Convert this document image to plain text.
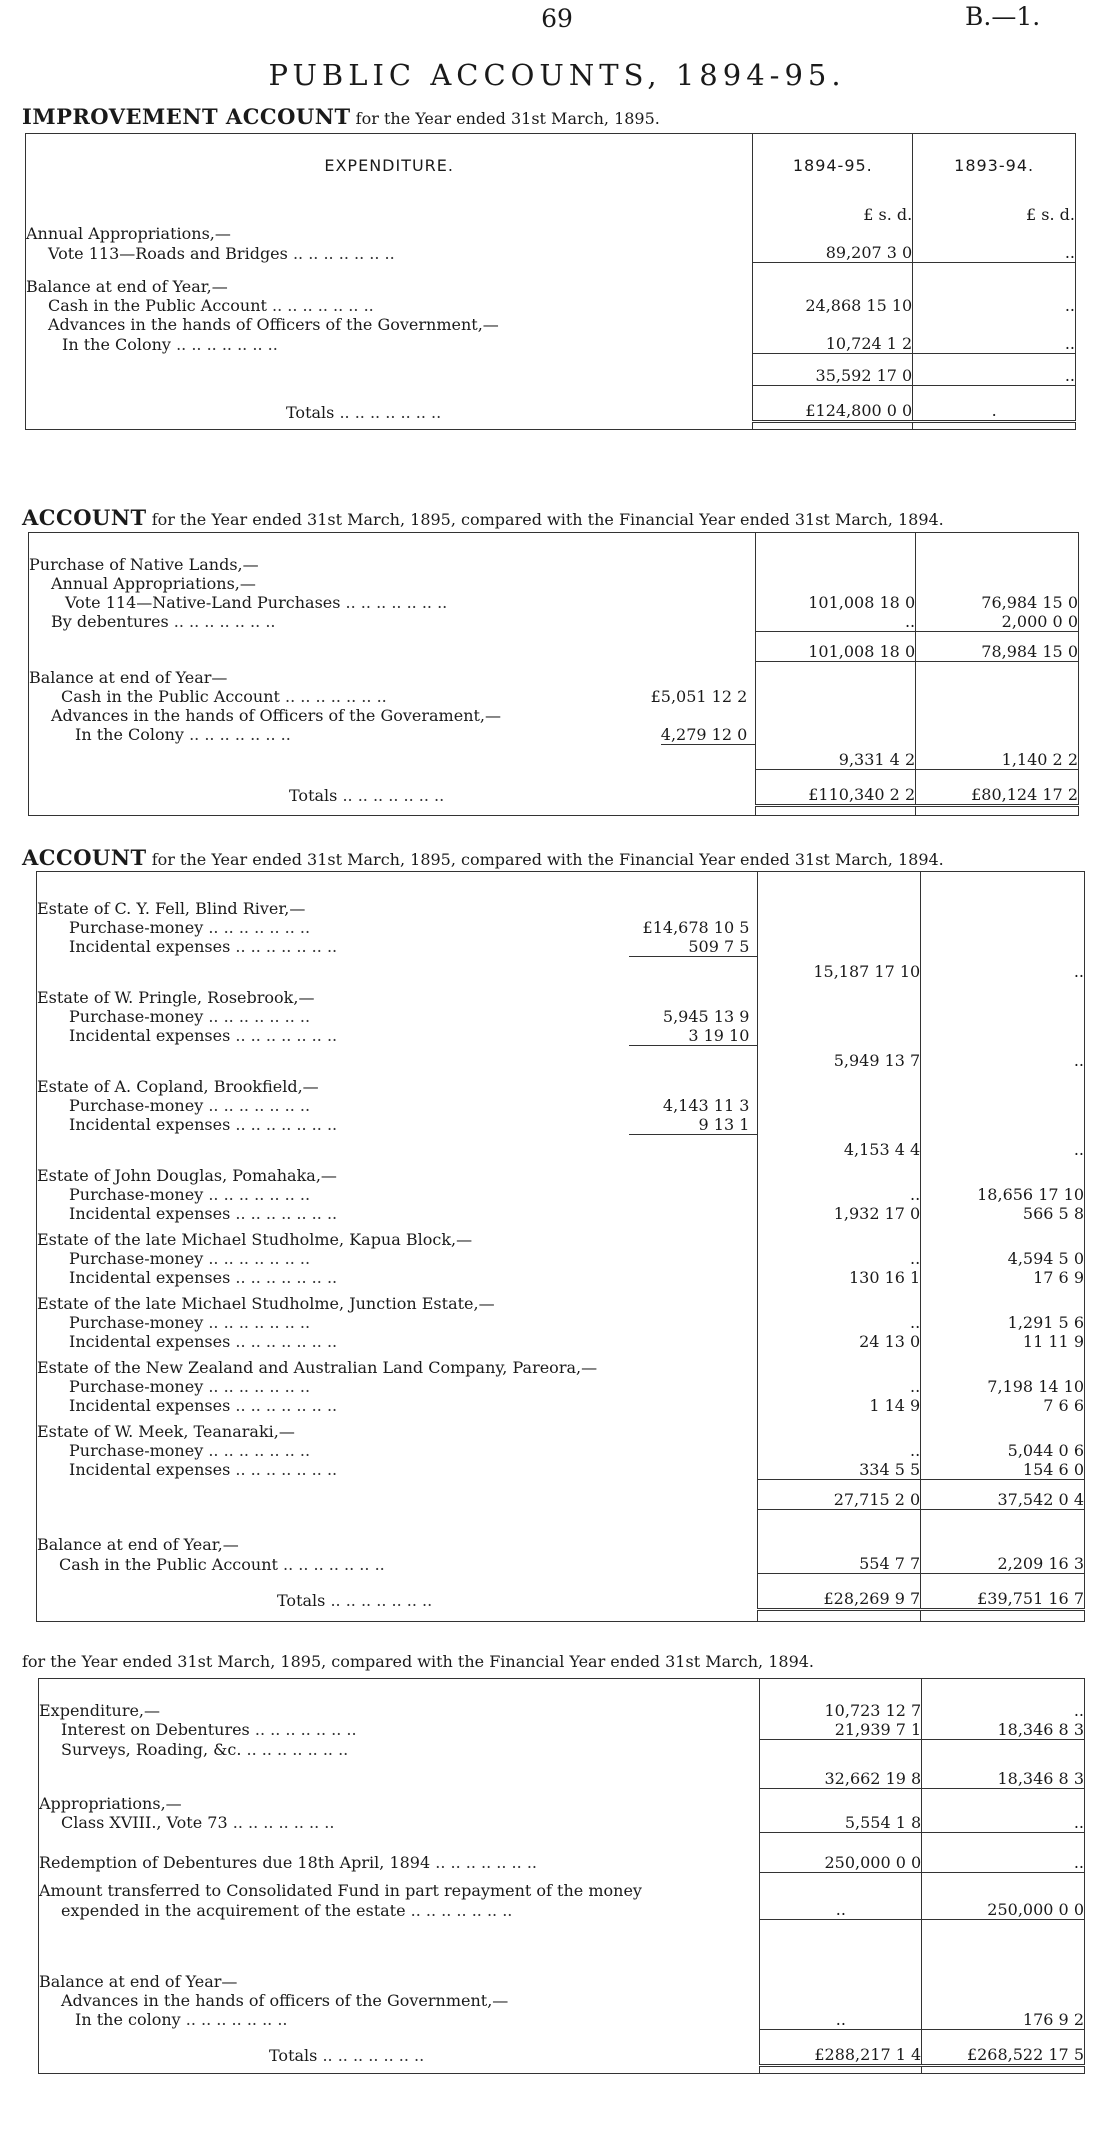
69	B.—1.
PUBLIC ACCOUNTS, 1894-95.
IMPROVEMENT ACCOUNT for the Year ended 31st March, 1895.
EXPENDITURE.	1894-95.	1893-94.
	£ s. d.	£ s. d.
Annual Appropriations,—		
Vote 113—Roads and Bridges .. .. .. .. .. .. ..	89,207 3 0	..

Balance at end of Year,—		
Cash in the Public Account .. .. .. .. .. .. ..	24,868 15 10	..
Advances in the hands of Officers of the Government,—		
In the Colony .. .. .. .. .. .. ..	10,724 1 2	..
	35,592 17 0	..
Totals .. .. .. .. .. .. ..	£124,800 0 0	.

ACCOUNT for the Year ended 31st March, 1895, compared with the Financial Year ended 31st March, 1894.

Purchase of Native Lands,—		
Annual Appropriations,—		
Vote 114—Native-Land Purchases .. .. .. .. .. .. ..	101,008 18 0	76,984 15 0
By debentures .. .. .. .. .. .. ..	..	2,000 0 0
	101,008 18 0	78,984 15 0
Balance at end of Year—		

Cash in the Public Account .. .. .. .. .. .. .. £5,051 12 2		

Advances in the hands of Officers of the Goverament,—		

In the Colony .. .. .. .. .. .. .. 4,279 12 0		

	9,331 4 2	1,140 2 2
Totals .. .. .. .. .. .. ..	£110,340 2 2	£80,124 17 2

ACCOUNT for the Year ended 31st March, 1895, compared with the Financial Year ended 31st March, 1894.

Estate of C. Y. Fell, Blind River,—		

Purchase-money .. .. .. .. .. .. .. £14,678 10 5		

Incidental expenses .. .. .. .. .. .. .. 509 7 5		

	15,187 17 10	..
Estate of W. Pringle, Rosebrook,—		

Purchase-money .. .. .. .. .. .. .. 5,945 13 9		

Incidental expenses .. .. .. .. .. .. .. 3 19 10		

	5,949 13 7	..
Estate of A. Copland, Brookfield,—		

Purchase-money .. .. .. .. .. .. .. 4,143 11 3		

Incidental expenses .. .. .. .. .. .. .. 9 13 1		

	4,153 4 4	..
Estate of John Douglas, Pomahaka,—		

Purchase-money .. .. .. .. .. .. ..	..	18,656 17 10

Incidental expenses .. .. .. .. .. .. ..	1,932 17 0	566 5 8
Estate of the late Michael Studholme, Kapua Block,—		

Purchase-money .. .. .. .. .. .. ..	..	4,594 5 0

Incidental expenses .. .. .. .. .. .. ..	130 16 1	17 6 9
Estate of the late Michael Studholme, Junction Estate,—		

Purchase-money .. .. .. .. .. .. ..	..	1,291 5 6

Incidental expenses .. .. .. .. .. .. ..	24 13 0	11 11 9
Estate of the New Zealand and Australian Land Company, Pareora,—		

Purchase-money .. .. .. .. .. .. ..	..	7,198 14 10

Incidental expenses .. .. .. .. .. .. ..	1 14 9	7 6 6
Estate of W. Meek, Teanaraki,—		

Purchase-money .. .. .. .. .. .. ..	..	5,044 0 6

Incidental expenses .. .. .. .. .. .. ..	334 5 5	154 6 0
	27,715 2 0	37,542 0 4

Balance at end of Year,—		
Cash in the Public Account .. .. .. .. .. .. ..	554 7 7	2,209 16 3
Totals .. .. .. .. .. .. ..	£28,269 9 7	£39,751 16 7

for the Year ended 31st March, 1895, compared with the Financial Year ended 31st March, 1894.

Expenditure,—	10,723 12 7	..
Interest on Debentures .. .. .. .. .. .. ..	21,939 7 1	18,346 8 3
Surveys, Roading, &c. .. .. .. .. .. .. ..		
	32,662 19 8	18,346 8 3
Appropriations,—		
Class XVIII., Vote 73 .. .. .. .. .. .. ..	5,554 1 8	..
Redemption of Debentures due 18th April, 1894 .. .. .. .. .. .. ..	250,000 0 0	..
Amount transferred to Consolidated Fund in part repayment of the money		
expended in the acquirement of the estate .. .. .. .. .. .. ..	..	250,000 0 0

Balance at end of Year—		
Advances in the hands of officers of the Government,—		
In the colony .. .. .. .. .. .. ..	..	176 9 2
Totals .. .. .. .. .. .. ..	£288,217 1 4	£268,522 17 5
